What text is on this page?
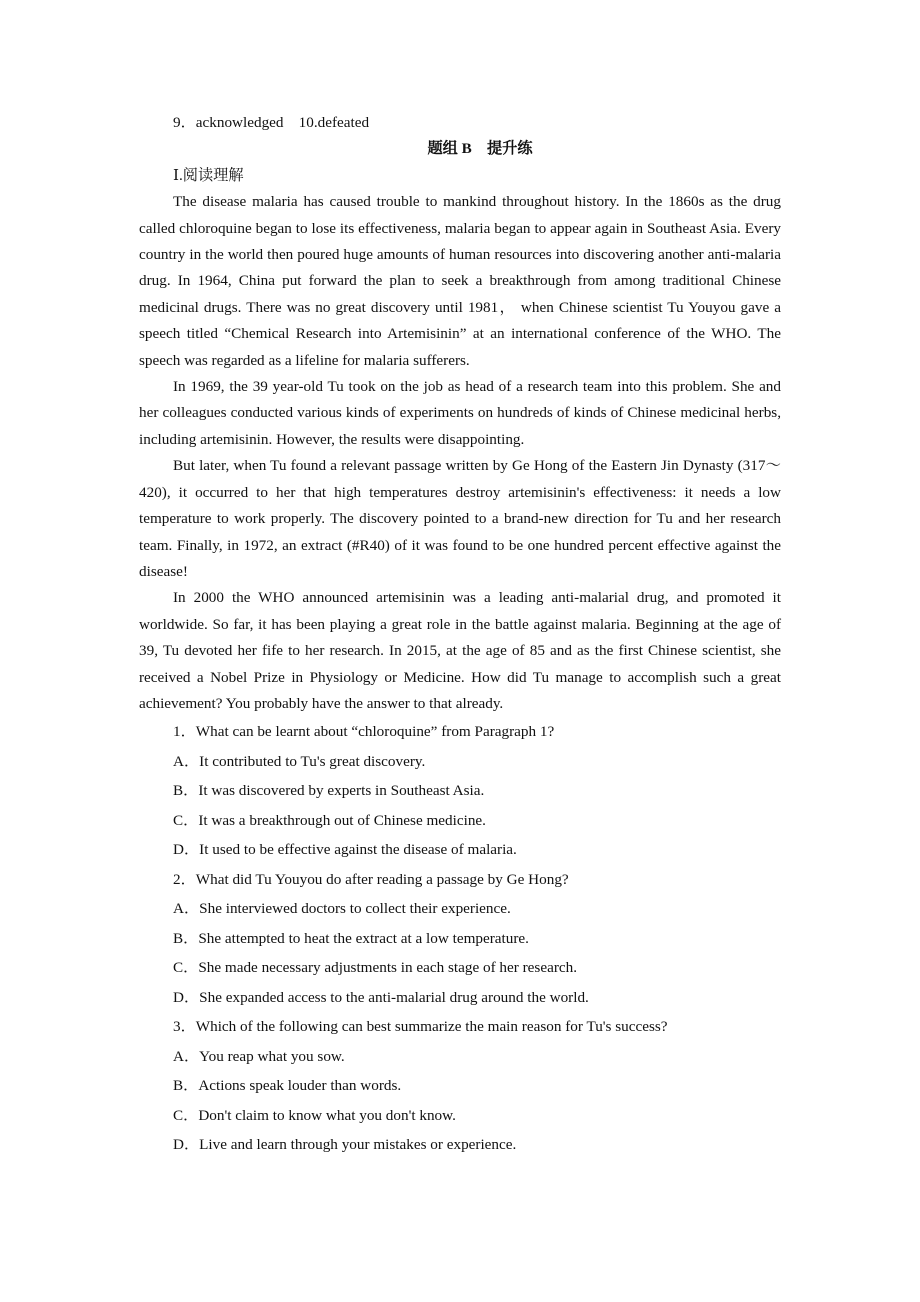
9．acknowledged　10.defeated

题组 B　提升练

Ⅰ.阅读理解

The disease malaria has caused trouble to mankind throughout history. In the 1860s as the drug called chloroquine began to lose its effectiveness, malaria began to appear again in Southeast Asia. Every country in the world then poured huge amounts of human resources into discovering another anti-malaria drug. In 1964, China put forward the plan to seek a breakthrough from among traditional Chinese medicinal drugs. There was no great discovery until 1981， when Chinese scientist Tu Youyou gave a speech titled “Chemical Research into Artemisinin” at an international conference of the WHO. The speech was regarded as a lifeline for malaria sufferers.

In 1969, the 39 year-old Tu took on the job as head of a research team into this problem. She and her colleagues conducted various kinds of experiments on hundreds of kinds of Chinese medicinal herbs, including artemisinin. However, the results were disappointing.

But later, when Tu found a relevant passage written by Ge Hong of the Eastern Jin Dynasty (317～420), it occurred to her that high temperatures destroy artemisinin's effectiveness: it needs a low temperature to work properly. The discovery pointed to a brand-new direction for Tu and her research team. Finally, in 1972, an extract (#R40) of it was found to be one hundred percent effective against the disease!

In 2000 the WHO announced artemisinin was a leading anti-malarial drug, and promoted it worldwide. So far, it has been playing a great role in the battle against malaria. Beginning at the age of 39, Tu devoted her fife to her research. In 2015, at the age of 85 and as the first Chinese scientist, she received a Nobel Prize in Physiology or Medicine. How did Tu manage to accomplish such a great achievement? You probably have the answer to that already.

1．What can be learnt about “chloroquine” from Paragraph 1?

A．It contributed to Tu's great discovery.

B．It was discovered by experts in Southeast Asia.

C．It was a breakthrough out of Chinese medicine.

D．It used to be effective against the disease of malaria.

2．What did Tu Youyou do after reading a passage by Ge Hong?

A．She interviewed doctors to collect their experience.

B．She attempted to heat the extract at a low temperature.

C．She made necessary adjustments in each stage of her research.

D．She expanded access to the anti-malarial drug around the world.

3．Which of the following can best summarize the main reason for Tu's success?

A．You reap what you sow.

B．Actions speak louder than words.

C．Don't claim to know what you don't know.

D．Live and learn through your mistakes or experience.
